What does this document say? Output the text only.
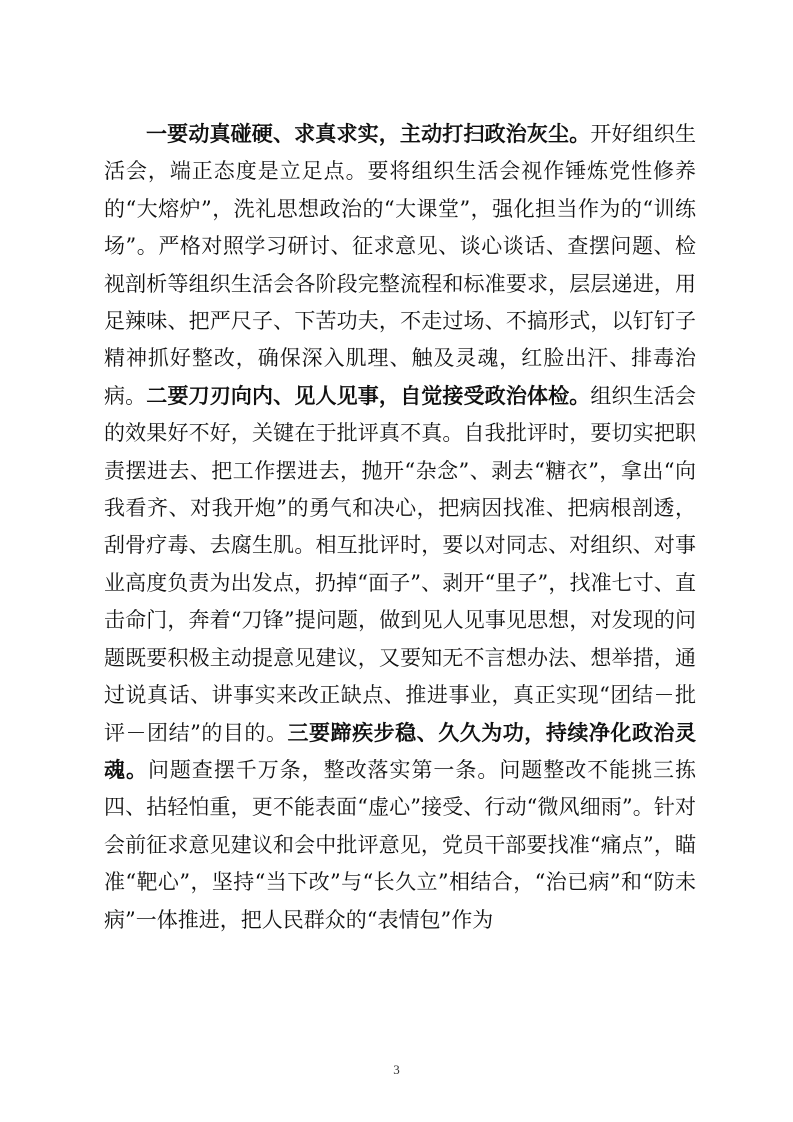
一要动真碰硬、求真求实，主动打扫政治灰尘。开好组织生活会，端正态度是立足点。要将组织生活会视作锤炼党性修养的“大熔炉”，洗礼思想政治的“大课堂”，强化担当作为的“训练场”。严格对照学习研讨、征求意见、谈心谈话、查摆问题、检视剖析等组织生活会各阶段完整流程和标准要求，层层递进，用足辣味、把严尺子、下苦功夫，不走过场、不搞形式，以钉钉子精神抓好整改，确保深入肌理、触及灵魂，红脸出汗、排毒治病。二要刀刃向内、见人见事，自觉接受政治体检。组织生活会的效果好不好，关键在于批评真不真。自我批评时，要切实把职责摆进去、把工作摆进去，抛开“杂念”、剥去“糖衣”，拿出“向我看齐、对我开炮”的勇气和决心，把病因找准、把病根剖透，刮骨疗毒、去腐生肌。相互批评时，要以对同志、对组织、对事业高度负责为出发点，扔掉“面子”、剥开“里子”，找准七寸、直击命门，奔着“刀锋”提问题，做到见人见事见思想，对发现的问题既要积极主动提意见建议，又要知无不言想办法、想举措，通过说真话、讲事实来改正缺点、推进事业，真正实现“团结－批评－团结”的目的。三要蹄疾步稳、久久为功，持续净化政治灵魂。问题查摆千万条，整改落实第一条。问题整改不能挑三拣四、拈轻怕重，更不能表面“虚心”接受、行动“微风细雨”。针对会前征求意见建议和会中批评意见，党员干部要找准“痛点”，瞄准“靶心”，坚持“当下改”与“长久立”相结合，“治已病”和“防未病”一体推进，把人民群众的“表情包”作为

3
